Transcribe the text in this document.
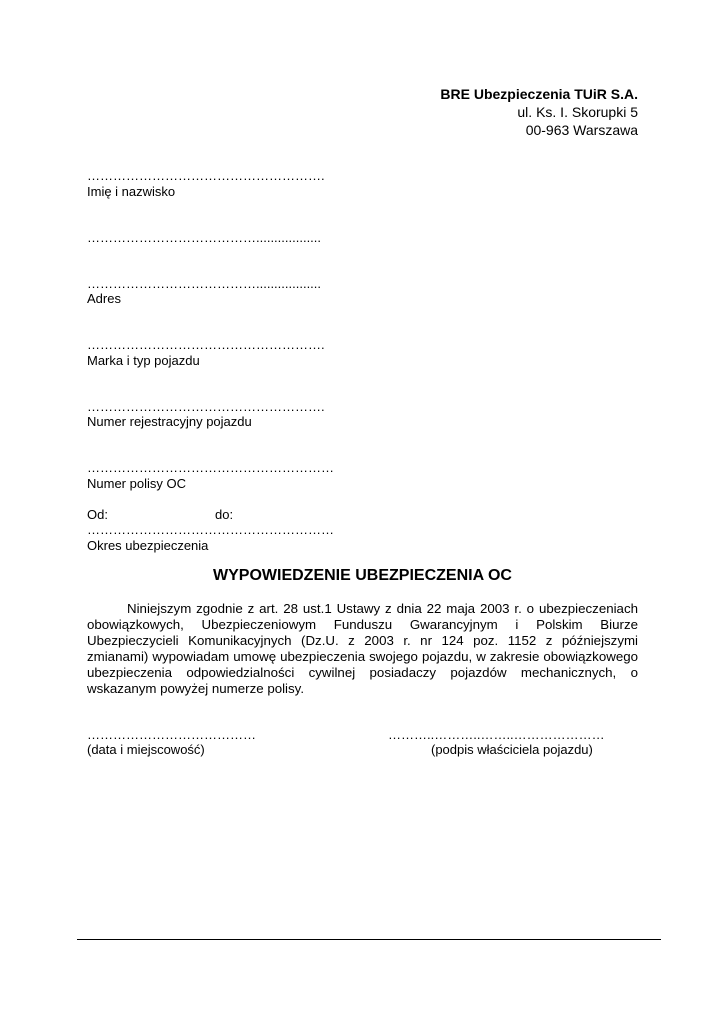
BRE Ubezpieczenia TUiR S.A.
ul. Ks. I. Skorupki 5
00-963 Warszawa
……………………………………………….
Imię i nazwisko
…………………………………..................
…………………………………..................
Adres
……………………………………………….
Marka i typ pojazdu
……………………………………………….
Numer rejestracyjny pojazdu
…………………………………………………
Numer polisy OC
Od:	do:
…………………………………………………
Okres ubezpieczenia
WYPOWIEDZENIE UBEZPIECZENIA OC

Niniejszym zgodnie z art. 28 ust.1 Ustawy z dnia 22 maja 2003 r. o ubezpieczeniach obowiązkowych, Ubezpieczeniowym Funduszu Gwarancyjnym i Polskim Biurze Ubezpieczycieli Komunikacyjnych (Dz.U. z 2003 r. nr 124 poz. 1152 z późniejszymi zmianami) wypowiadam umowę ubezpieczenia swojego pojazdu, w zakresie obowiązkowego ubezpieczenia odpowiedzialności cywilnej posiadaczy pojazdów mechanicznych, o wskazanym powyżej numerze polisy.

…………………………………
(data i miejscowość)
………..………..……..…………………
(podpis właściciela pojazdu)
